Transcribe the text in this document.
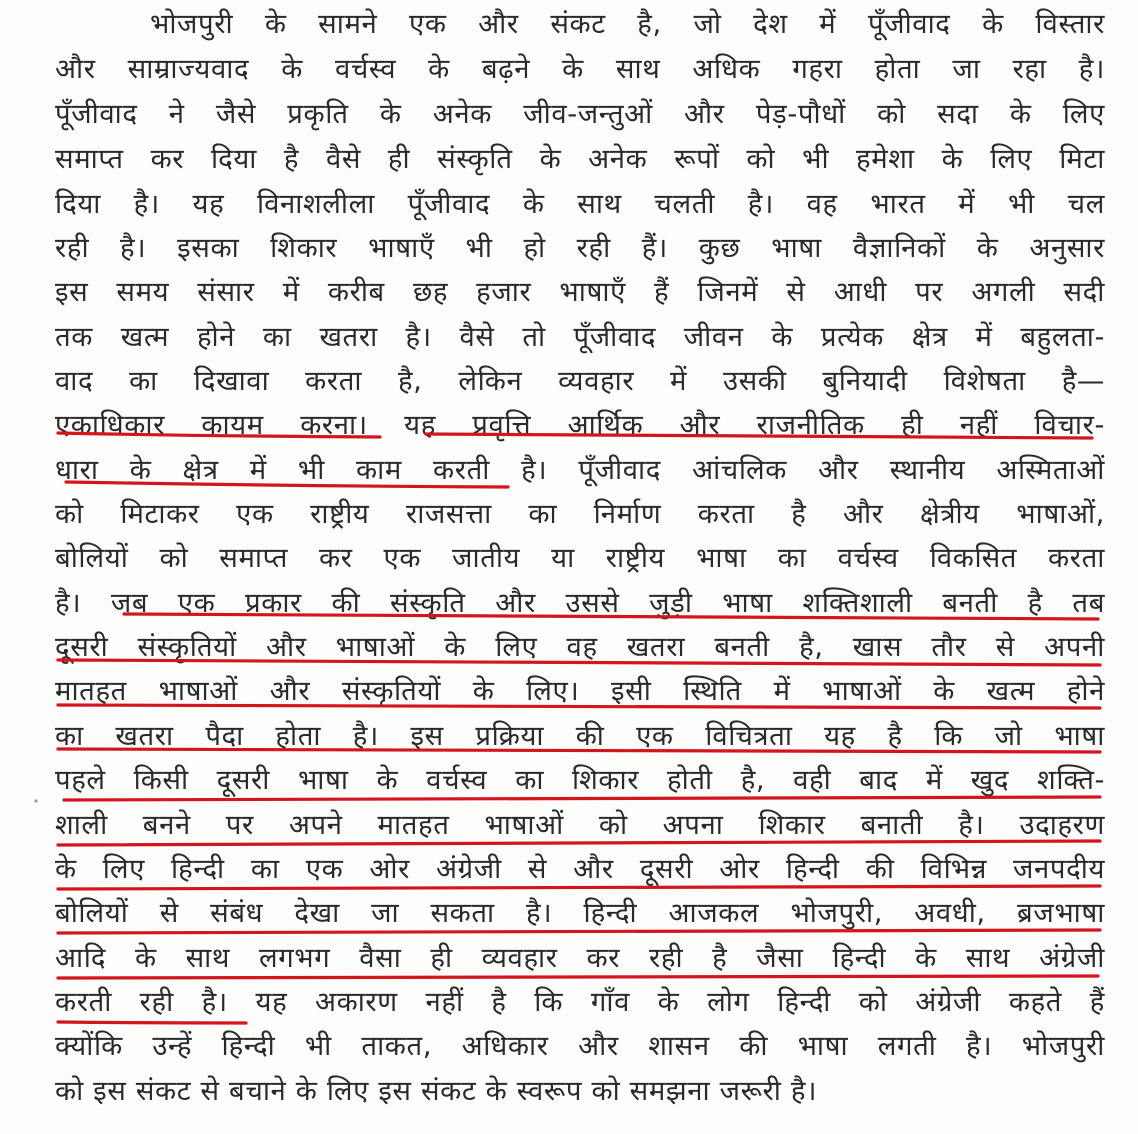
भोजपुरी के सामने एक और संकट है, जो देश में पूँजीवाद के विस्तार
और साम्राज्यवाद के वर्चस्व के बढ़ने के साथ अधिक गहरा होता जा रहा है।
पूँजीवाद ने जैसे प्रकृति के अनेक जीव-जन्तुओं और पेड़-पौधों को सदा के लिए
समाप्त कर दिया है वैसे ही संस्कृति के अनेक रूपों को भी हमेशा के लिए मिटा
दिया है। यह विनाशलीला पूँजीवाद के साथ चलती है। वह भारत में भी चल
रही है। इसका शिकार भाषाएँ भी हो रही हैं। कुछ भाषा वैज्ञानिकों के अनुसार
इस समय संसार में करीब छह हजार भाषाएँ हैं जिनमें से आधी पर अगली सदी
तक खत्म होने का खतरा है। वैसे तो पूँजीवाद जीवन के प्रत्येक क्षेत्र में बहुलता-
वाद का दिखावा करता है, लेकिन व्यवहार में उसकी बुनियादी विशेषता है—
एकाधिकार कायम करना। यह प्रवृत्ति आर्थिक और राजनीतिक ही नहीं विचार-
धारा के क्षेत्र में भी काम करती है। पूँजीवाद आंचलिक और स्थानीय अस्मिताओं
को मिटाकर एक राष्ट्रीय राजसत्ता का निर्माण करता है और क्षेत्रीय भाषाओं,
बोलियों को समाप्त कर एक जातीय या राष्ट्रीय भाषा का वर्चस्व विकसित करता
है। जब एक प्रकार की संस्कृति और उससे जुड़ी भाषा शक्तिशाली बनती है तब
दूसरी संस्कृतियों और भाषाओं के लिए वह खतरा बनती है, खास तौर से अपनी
मातहत भाषाओं और संस्कृतियों के लिए। इसी स्थिति में भाषाओं के खत्म होने
का खतरा पैदा होता है। इस प्रक्रिया की एक विचित्रता यह है कि जो भाषा
पहले किसी दूसरी भाषा के वर्चस्व का शिकार होती है, वही बाद में खुद शक्ति-
शाली बनने पर अपने मातहत भाषाओं को अपना शिकार बनाती है। उदाहरण
के लिए हिन्दी का एक ओर अंग्रेजी से और दूसरी ओर हिन्दी की विभिन्न जनपदीय
बोलियों से संबंध देखा जा सकता है। हिन्दी आजकल भोजपुरी, अवधी, ब्रजभाषा
आदि के साथ लगभग वैसा ही व्यवहार कर रही है जैसा हिन्दी के साथ अंग्रेजी
करती रही है। यह अकारण नहीं है कि गाँव के लोग हिन्दी को अंग्रेजी कहते हैं
क्योंकि उन्हें हिन्दी भी ताकत, अधिकार और शासन की भाषा लगती है। भोजपुरी
को इस संकट से बचाने के लिए इस संकट के स्वरूप को समझना जरूरी है।
